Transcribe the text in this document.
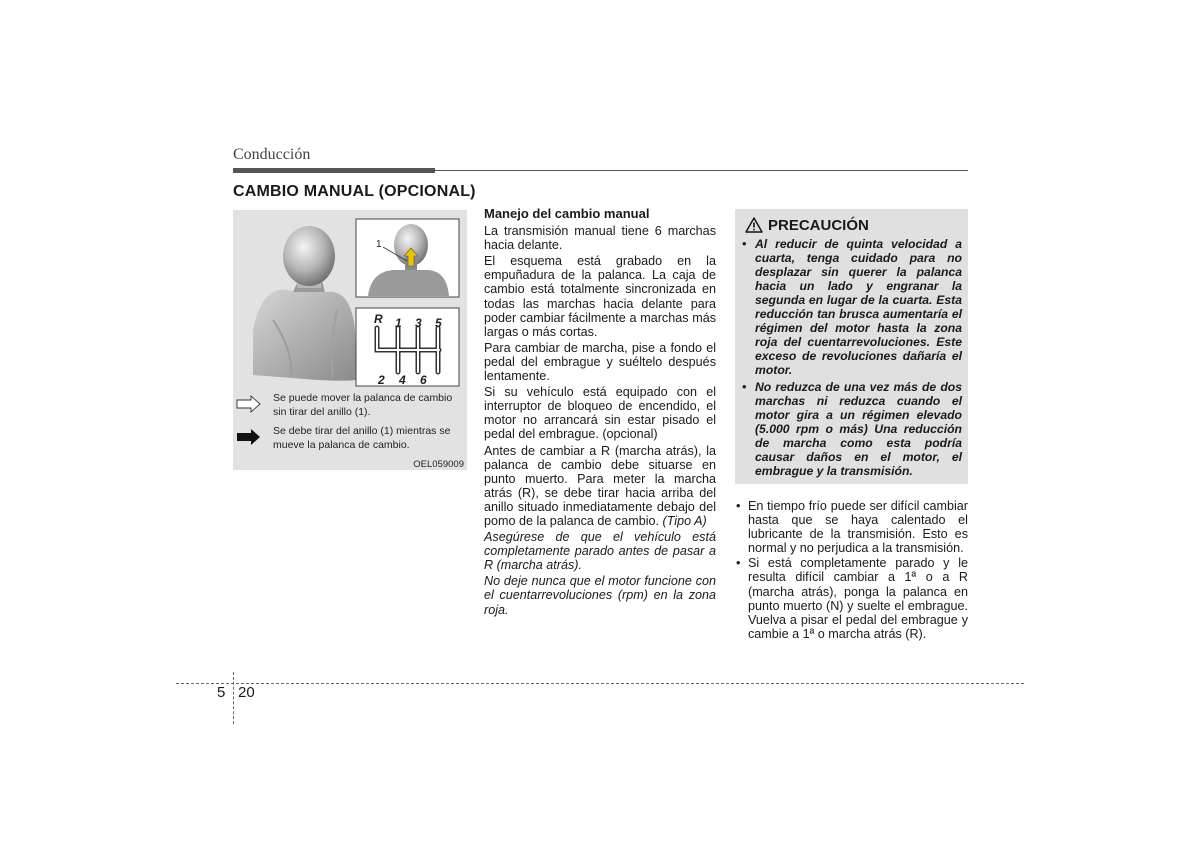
Conducción
CAMBIO MANUAL (OPCIONAL)
R 1 3 5
2 4 6
1
Se puede mover la palanca de cambio sin tirar del anillo (1).
Se debe tirar del anillo (1) mientras se mueve la palanca de cambio.
OEL059009
Manejo del cambio manual

La transmisión manual tiene 6 marchas hacia delante.

El esquema está grabado en la empuñadura de la palanca. La caja de cambio está totalmente sincronizada en todas las marchas hacia delante para poder cambiar fácilmente a marchas más largas o más cortas.

Para cambiar de marcha, pise a fondo el pedal del embrague y suéltelo después lentamente.

Si su vehículo está equipado con el interruptor de bloqueo de encendido, el motor no arrancará sin estar pisado el pedal del embrague. (opcional)

Antes de cambiar a R (marcha atrás), la palanca de cambio debe situarse en punto muerto. Para meter la marcha atrás (R), se debe tirar hacia arriba del anillo situado inmediatamente debajo del pomo de la palanca de cambio. (Tipo A)

Asegúrese de que el vehículo está completamente parado antes de pasar a R (marcha atrás).

No deje nunca que el motor funcione con el cuentarrevoluciones (rpm) en la zona roja.

PRECAUCIÓN
• Al reducir de quinta velocidad a cuarta, tenga cuidado para no desplazar sin querer la palanca hacia un lado y engranar la segunda en lugar de la cuarta. Esta reducción tan brusca aumentaría el régimen del motor hasta la zona roja del cuentarrevoluciones. Este exceso de revoluciones dañaría el motor.
• No reduzca de una vez más de dos marchas ni reduzca cuando el motor gira a un régimen elevado (5.000 rpm o más) Una reducción de marcha como esta podría causar daños en el motor, el embrague y la transmisión.
• En tiempo frío puede ser difícil cambiar hasta que se haya calentado el lubricante de la transmisión. Esto es normal y no perjudica a la transmisión.
• Si está completamente parado y le resulta difícil cambiar a 1ª o a R (marcha atrás), ponga la palanca en punto muerto (N) y suelte el embrague. Vuelva a pisar el pedal del embrague y cambie a 1ª o marcha atrás (R).
5 20
